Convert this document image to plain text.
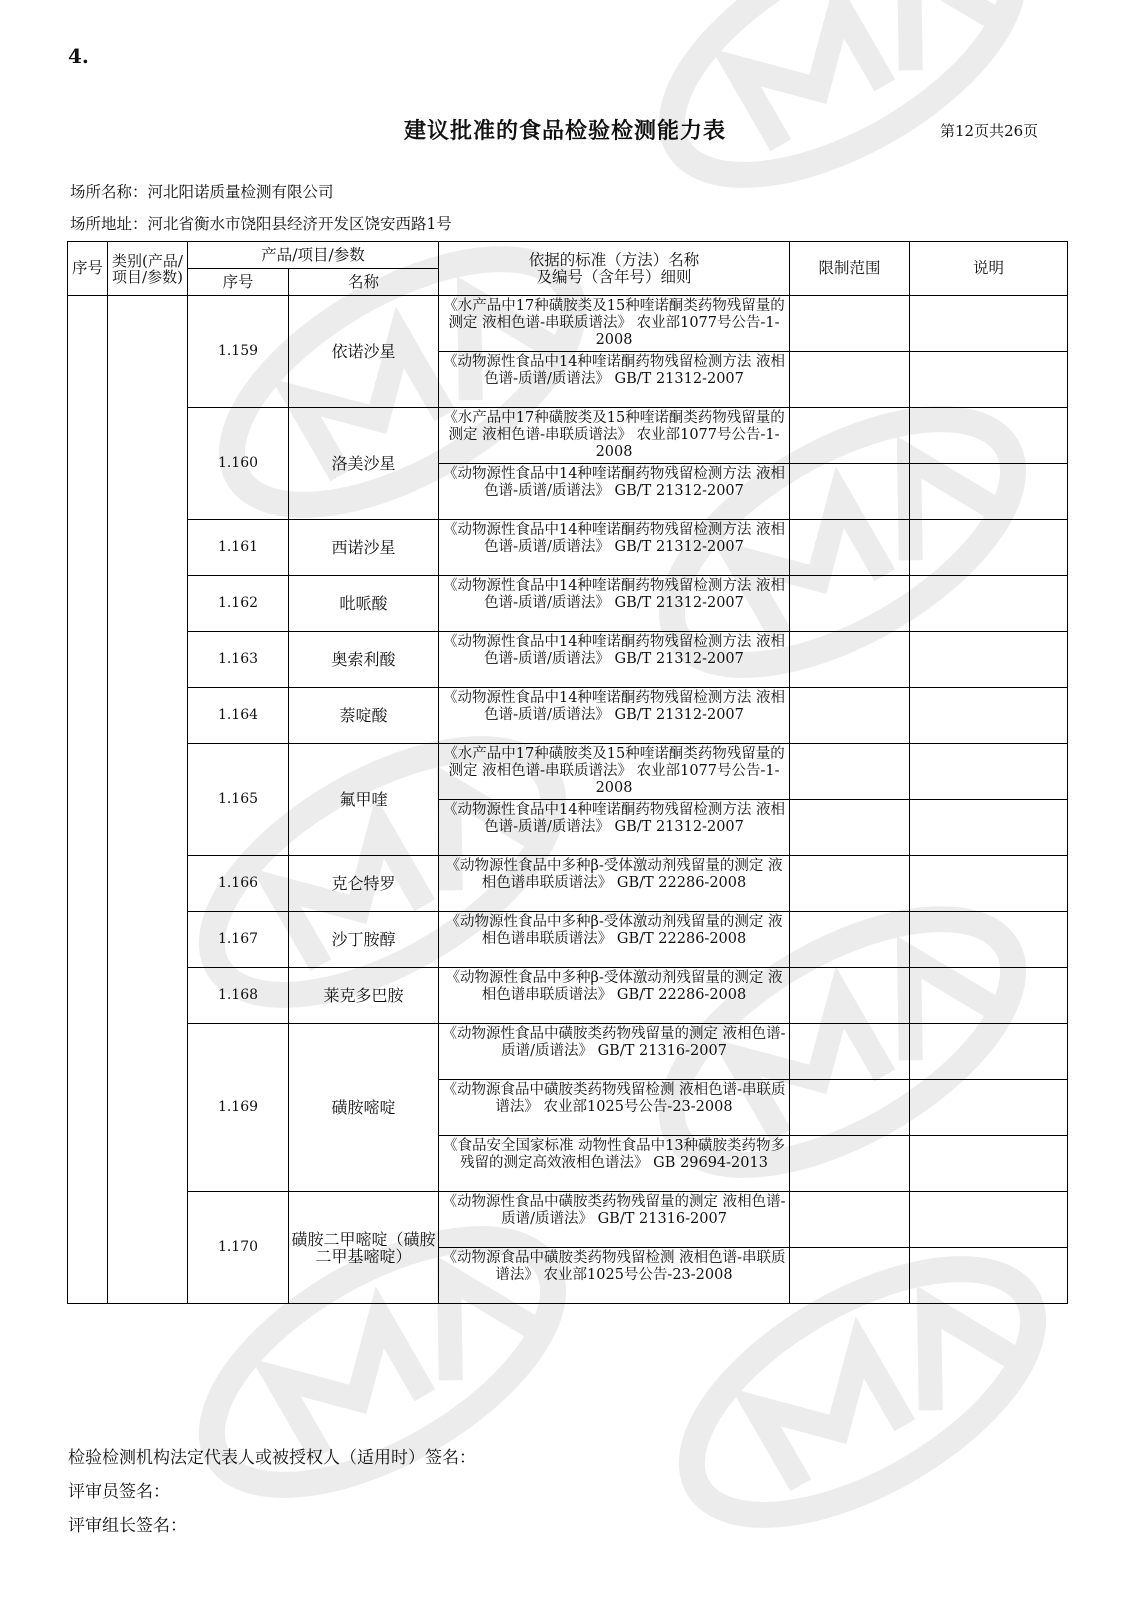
4.
建议批准的食品检验检测能力表	第12页共26页
场所名称：河北阳诺质量检测有限公司
场所地址：河北省衡水市饶阳县经济开发区饶安西路1号
序号	类别(产品/项目/参数)	产品/项目/参数		依据的标准（方法）名称
及编号（含年号）细则	限制范围	说明
		序号	名称			
		1.159	依诺沙星	《水产品中17种磺胺类及15种喹诺酮类药物残留量的测定 液相色谱-串联质谱法》 农业部1077号公告-1-2008		

《动物源性食品中14种喹诺酮药物残留检测方法 液相色谱-质谱/质谱法》 GB/T 21312-2007		

		1.160	洛美沙星	《水产品中17种磺胺类及15种喹诺酮类药物残留量的测定 液相色谱-串联质谱法》 农业部1077号公告-1-2008		

《动物源性食品中14种喹诺酮药物残留检测方法 液相色谱-质谱/质谱法》 GB/T 21312-2007		

		1.161	西诺沙星	《动物源性食品中14种喹诺酮药物残留检测方法 液相色谱-质谱/质谱法》 GB/T 21312-2007		

		1.162	吡哌酸	《动物源性食品中14种喹诺酮药物残留检测方法 液相色谱-质谱/质谱法》 GB/T 21312-2007		

		1.163	奥索利酸	《动物源性食品中14种喹诺酮药物残留检测方法 液相色谱-质谱/质谱法》 GB/T 21312-2007		

		1.164	萘啶酸	《动物源性食品中14种喹诺酮药物残留检测方法 液相色谱-质谱/质谱法》 GB/T 21312-2007		

		1.165	氟甲喹	《水产品中17种磺胺类及15种喹诺酮类药物残留量的测定 液相色谱-串联质谱法》 农业部1077号公告-1-2008		

《动物源性食品中14种喹诺酮药物残留检测方法 液相色谱-质谱/质谱法》 GB/T 21312-2007		

		1.166	克仑特罗	《动物源性食品中多种β-受体激动剂残留量的测定 液相色谱串联质谱法》 GB/T 22286-2008		

		1.167	沙丁胺醇	《动物源性食品中多种β-受体激动剂残留量的测定 液相色谱串联质谱法》 GB/T 22286-2008		

		1.168	莱克多巴胺	《动物源性食品中多种β-受体激动剂残留量的测定 液相色谱串联质谱法》 GB/T 22286-2008		

		1.169	磺胺嘧啶	《动物源性食品中磺胺类药物残留量的测定 液相色谱-质谱/质谱法》 GB/T 21316-2007		

《动物源食品中磺胺类药物残留检测 液相色谱-串联质谱法》 农业部1025号公告-23-2008		

《食品安全国家标准 动物性食品中13种磺胺类药物多残留的测定高效液相色谱法》 GB 29694-2013		

		1.170	磺胺二甲嘧啶（磺胺二甲基嘧啶）	《动物源性食品中磺胺类药物残留量的测定 液相色谱-质谱/质谱法》 GB/T 21316-2007		

《动物源食品中磺胺类药物残留检测 液相色谱-串联质谱法》 农业部1025号公告-23-2008		

检验检测机构法定代表人或被授权人（适用时）签名：
评审员签名：
评审组长签名：
